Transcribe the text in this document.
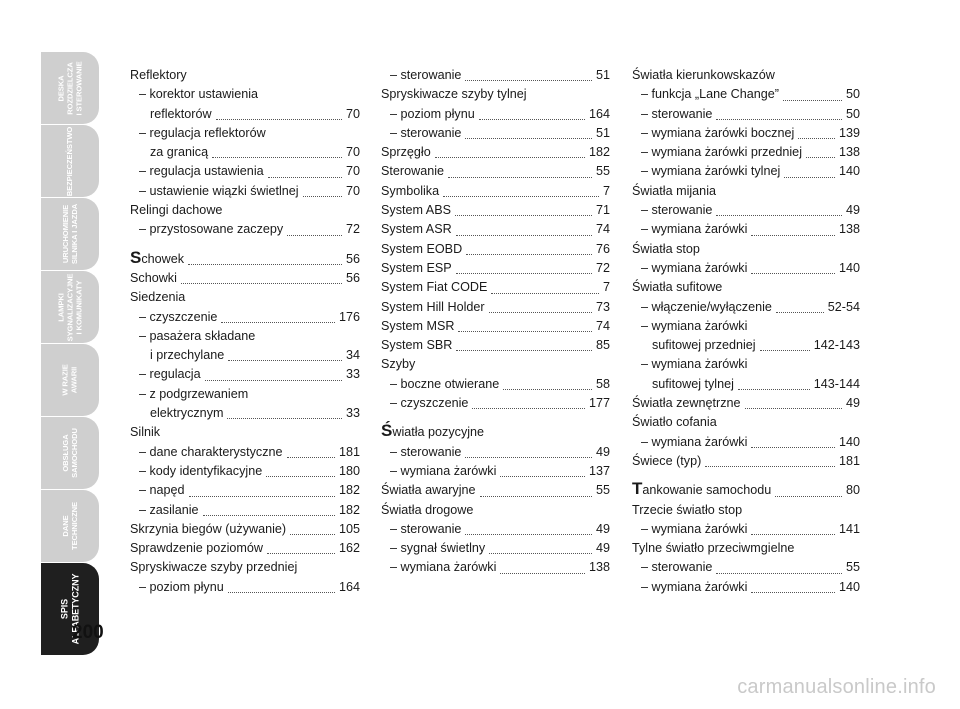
DESKA ROZDZIELCZA I STEROWANIE
BEZPIECZEŃSTWO
URUCHOMIENIE SILNIKA I JAZDA
LAMPKI SYGNALIZACYJNE I KOMUNIKATY
W RAZIE AWARII
OBSŁUGA SAMOCHODU
DANE TECHNICZNE
SPIS ALFABETYCZNY
200
Reflektory
– korektor ustawienia
reflektorów	70
– regulacja reflektorów
za granicą	70
– regulacja ustawienia	70
– ustawienie wiązki świetlnej	70
Relingi dachowe
– przystosowane zaczepy	72
Schowek	56
Schowki	56
Siedzenia
– czyszczenie	176
– pasażera składane
i przechylane	34
– regulacja	33
– z podgrzewaniem
elektrycznym	33
Silnik
– dane charakterystyczne	181
– kody identyfikacyjne	180
– napęd	182
– zasilanie	182
Skrzynia biegów (używanie)	105
Sprawdzenie poziomów	162
Spryskiwacze szyby przedniej
– poziom płynu	164
– sterowanie	51
Spryskiwacze szyby tylnej
– poziom płynu	164
– sterowanie	51
Sprzęgło	182
Sterowanie	55
Symbolika	7
System ABS	71
System ASR	74
System EOBD	76
System ESP	72
System Fiat CODE	7
System Hill Holder	73
System MSR	74
System SBR	85
Szyby
– boczne otwierane	58
– czyszczenie	177
Światła pozycyjne
– sterowanie	49
– wymiana żarówki	137
Światła awaryjne	55
Światła drogowe
– sterowanie	49
– sygnał świetlny	49
– wymiana żarówki	138
Światła kierunkowskazów
– funkcja „Lane Change”	50
– sterowanie	50
– wymiana żarówki bocznej	139
– wymiana żarówki przedniej	138
– wymiana żarówki tylnej	140
Światła mijania
– sterowanie	49
– wymiana żarówki	138
Światła stop
– wymiana żarówki	140
Światła sufitowe
– włączenie/wyłączenie	52-54
– wymiana żarówki
sufitowej przedniej	142-143
– wymiana żarówki
sufitowej tylnej	143-144
Światła zewnętrzne	49
Światło cofania
– wymiana żarówki	140
Świece (typ)	181
Tankowanie samochodu	80
Trzecie światło stop
– wymiana żarówki	141
Tylne światło przeciwmgielne
– sterowanie	55
– wymiana żarówki	140
carmanualsonline.info
